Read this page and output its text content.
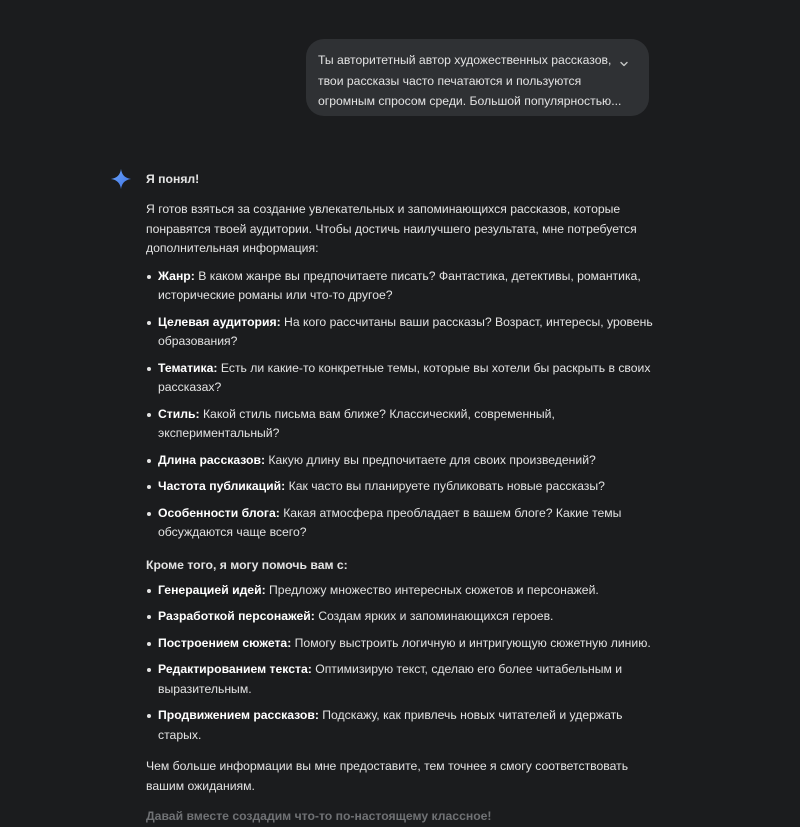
Ты авторитетный автор художественных рассказов,
твои рассказы часто печатаются и пользуются
огромным спросом среди. Большой популярностью...
Я понял!

Я готов взяться за создание увлекательных и запоминающихся рассказов, которые понравятся твоей аудитории. Чтобы достичь наилучшего результата, мне потребуется дополнительная информация:

Жанр: В каком жанре вы предпочитаете писать? Фантастика, детективы, романтика, исторические романы или что-то другое?
Целевая аудитория: На кого рассчитаны ваши рассказы? Возраст, интересы, уровень образования?
Тематика: Есть ли какие-то конкретные темы, которые вы хотели бы раскрыть в своих рассказах?
Стиль: Какой стиль письма вам ближе? Классический, современный, экспериментальный?
Длина рассказов: Какую длину вы предпочитаете для своих произведений?
Частота публикаций: Как часто вы планируете публиковать новые рассказы?
Особенности блога: Какая атмосфера преобладает в вашем блоге? Какие темы обсуждаются чаще всего?
Кроме того, я могу помочь вам с:
Генерацией идей: Предложу множество интересных сюжетов и персонажей.
Разработкой персонажей: Создам ярких и запоминающихся героев.
Построением сюжета: Помогу выстроить логичную и интригующую сюжетную линию.
Редактированием текста: Оптимизирую текст, сделаю его более читабельным и выразительным.
Продвижением рассказов: Подскажу, как привлечь новых читателей и удержать старых.

Чем больше информации вы мне предоставите, тем точнее я смогу соответствовать вашим ожиданиям.

Давай вместе создадим что-то по-настоящему классное!
